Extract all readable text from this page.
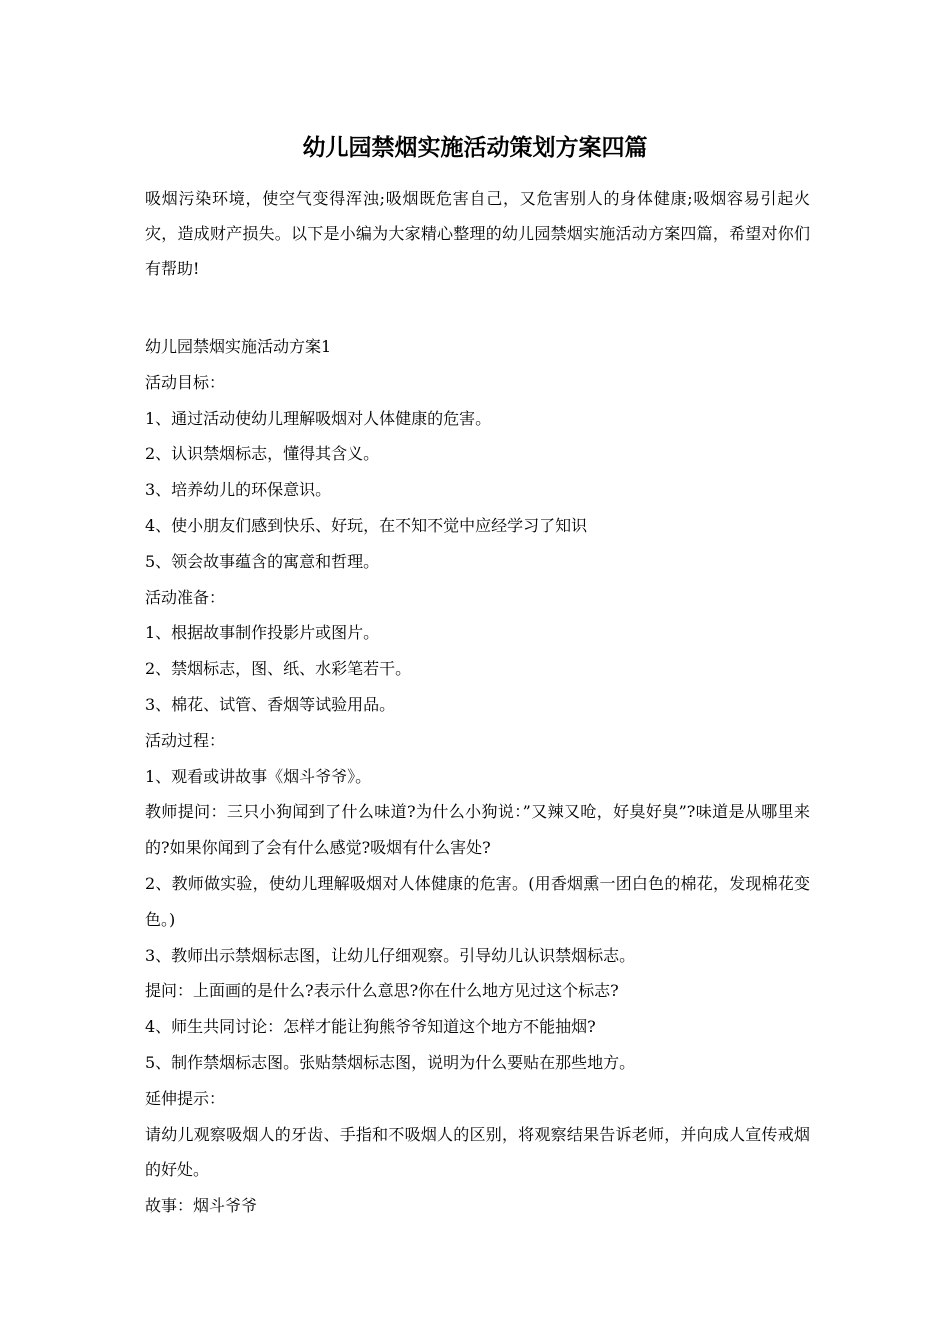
幼儿园禁烟实施活动策划方案四篇

吸烟污染环境，使空气变得浑浊;吸烟既危害自己，又危害别人的身体健康;吸烟容易引起火灾，造成财产损失。以下是小编为大家精心整理的幼儿园禁烟实施活动方案四篇，希望对你们有帮助!

幼儿园禁烟实施活动方案1
活动目标：
1、通过活动使幼儿理解吸烟对人体健康的危害。
2、认识禁烟标志，懂得其含义。
3、培养幼儿的环保意识。
4、使小朋友们感到快乐、好玩，在不知不觉中应经学习了知识
5、领会故事蕴含的寓意和哲理。
活动准备：
1、根据故事制作投影片或图片。
2、禁烟标志，图、纸、水彩笔若干。
3、棉花、试管、香烟等试验用品。
活动过程：
1、观看或讲故事《烟斗爷爷》。

教师提问：三只小狗闻到了什么味道?为什么小狗说：”又辣又呛，好臭好臭”?味道是从哪里来的?如果你闻到了会有什么感觉?吸烟有什么害处?

2、教师做实验，使幼儿理解吸烟对人体健康的危害。(用香烟熏一团白色的棉花，发现棉花变色。)

3、教师出示禁烟标志图，让幼儿仔细观察。引导幼儿认识禁烟标志。
提问：上面画的是什么?表示什么意思?你在什么地方见过这个标志?
4、师生共同讨论：怎样才能让狗熊爷爷知道这个地方不能抽烟?
5、制作禁烟标志图。张贴禁烟标志图，说明为什么要贴在那些地方。
延伸提示：

请幼儿观察吸烟人的牙齿、手指和不吸烟人的区别，将观察结果告诉老师，并向成人宣传戒烟的好处。

故事：烟斗爷爷
